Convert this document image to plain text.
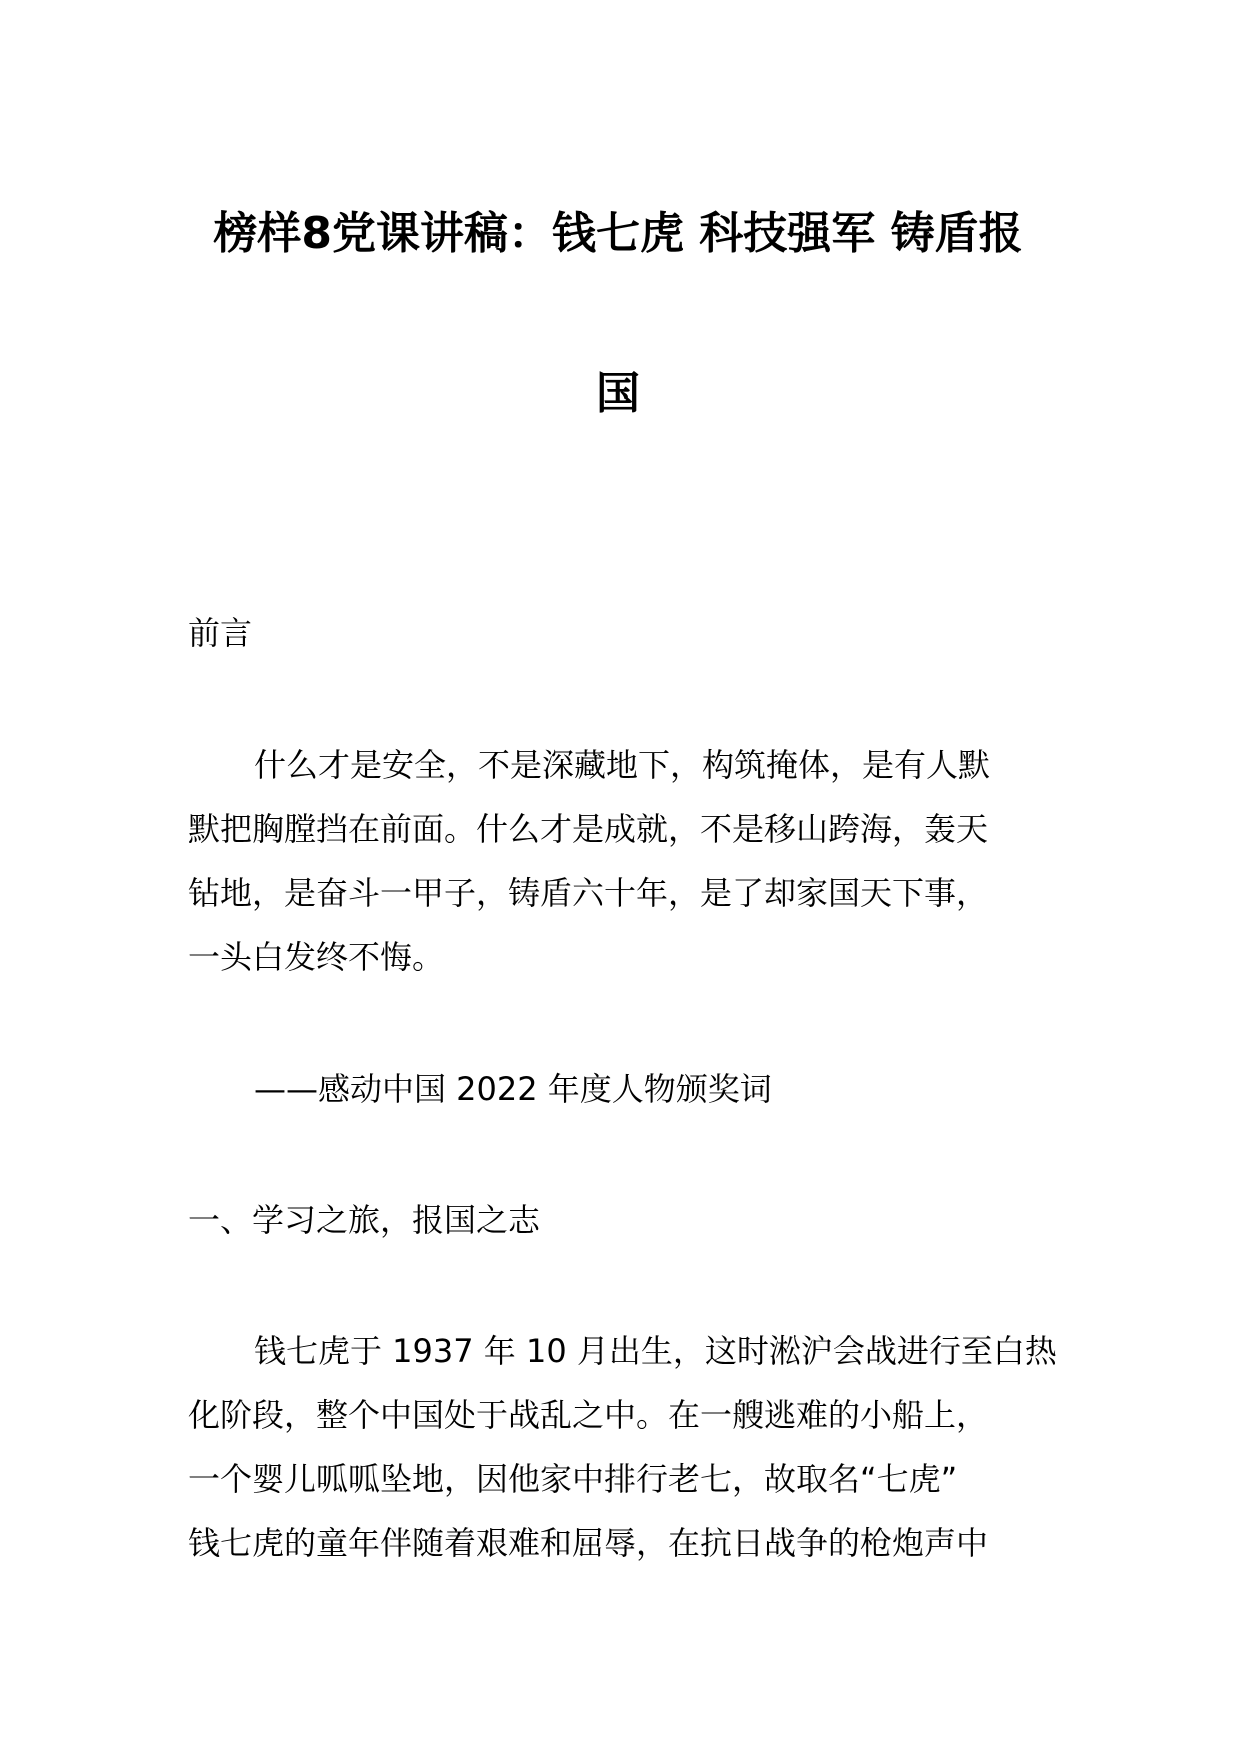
榜样8党课讲稿：钱七虎 科技强军 铸盾报
国
前言
什么才是安全，不是深藏地下，构筑掩体，是有人默
默把胸膛挡在前面。什么才是成就，不是移山跨海，轰天
钻地，是奋斗一甲子，铸盾六十年，是了却家国天下事，
一头白发终不悔。
——感动中国 2022 年度人物颁奖词
一、学习之旅，报国之志
钱七虎于 1937 年 10 月出生，这时淞沪会战进行至白热
化阶段，整个中国处于战乱之中。在一艘逃难的小船上，
一个婴儿呱呱坠地，因他家中排行老七，故取名“七虎”
钱七虎的童年伴随着艰难和屈辱，在抗日战争的枪炮声中
